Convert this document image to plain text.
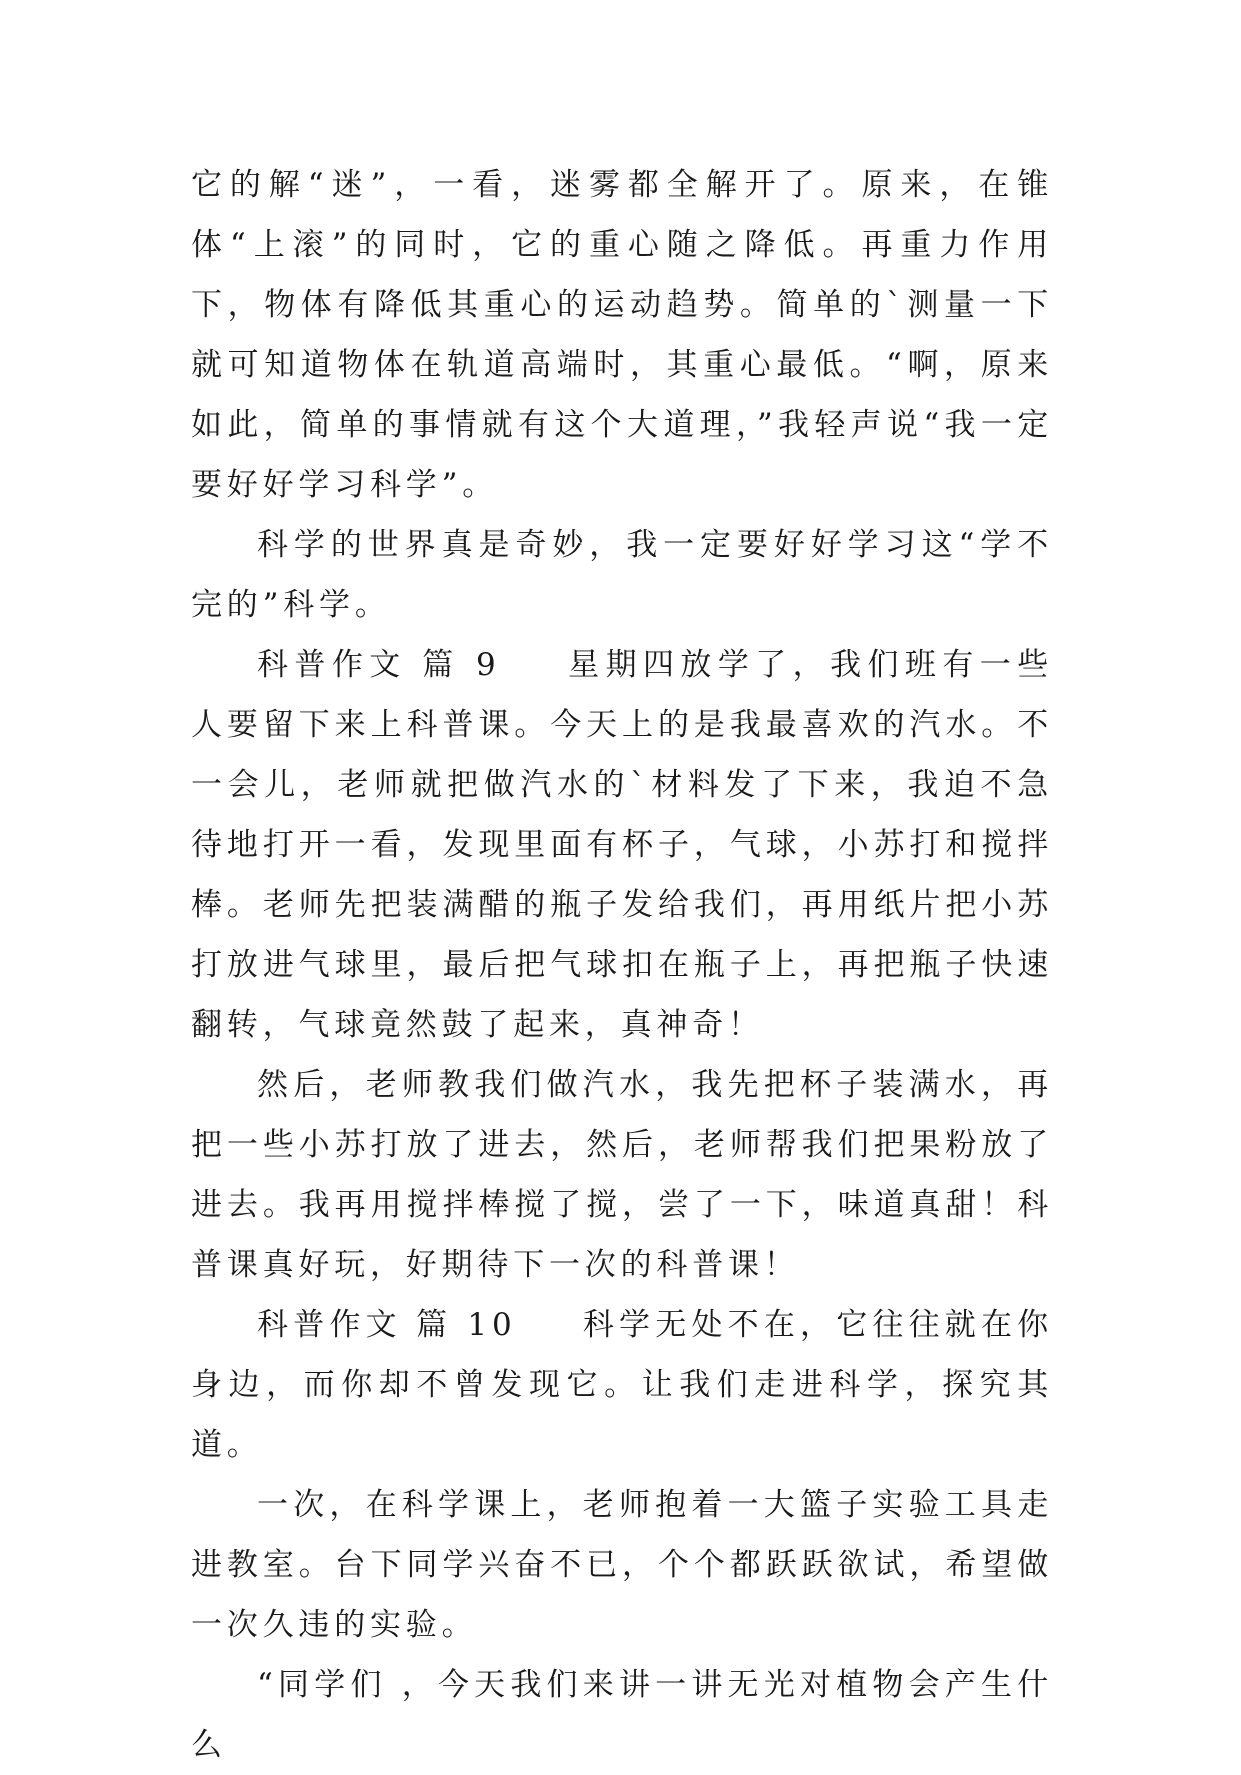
它的解“迷”，一看，迷雾都全解开了。原来，在锥体“上滚”的同时，它的重心随之降低。再重力作用下，物体有降低其重心的运动趋势。简单的`测量一下就可知道物体在轨道高端时，其重心最低。“啊，原来如此，简单的事情就有这个大道理，”我轻声说“我一定要好好学习科学”。

科学的世界真是奇妙，我一定要好好学习这“学不完的”科学。

科普作文 篇 9 星期四放学了，我们班有一些人要留下来上科普课。今天上的是我最喜欢的汽水。不一会儿，老师就把做汽水的`材料发了下来，我迫不急待地打开一看，发现里面有杯子，气球，小苏打和搅拌棒。老师先把装满醋的瓶子发给我们，再用纸片把小苏打放进气球里，最后把气球扣在瓶子上，再把瓶子快速翻转，气球竟然鼓了起来，真神奇！

然后，老师教我们做汽水，我先把杯子装满水，再把一些小苏打放了进去，然后，老师帮我们把果粉放了进去。我再用搅拌棒搅了搅，尝了一下，味道真甜！科普课真好玩，好期待下一次的科普课！

科普作文 篇 10 科学无处不在，它往往就在你身边，而你却不曾发现它。让我们走进科学，探究其道。

一次，在科学课上，老师抱着一大篮子实验工具走进教室。台下同学兴奋不已，个个都跃跃欲试，希望做一次久违的实验。

“同学们 ，今天我们来讲一讲无光对植物会产生什么
